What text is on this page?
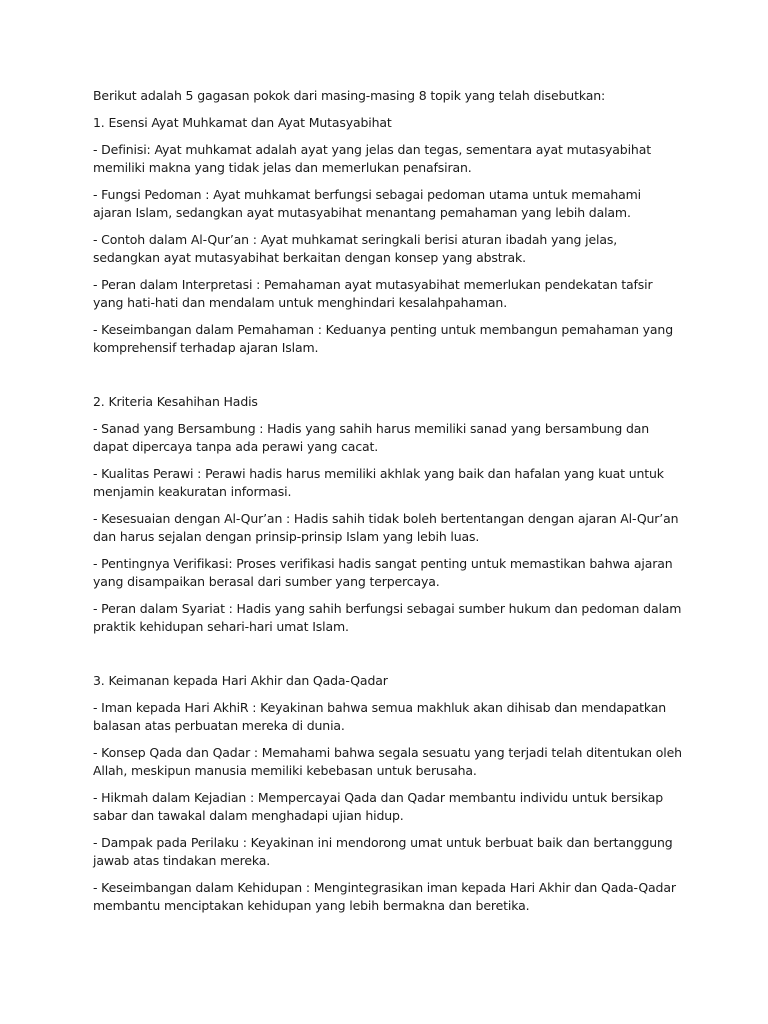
Berikut adalah 5 gagasan pokok dari masing-masing 8 topik yang telah disebutkan:

1. Esensi Ayat Muhkamat dan Ayat Mutasyabihat

- Definisi: Ayat muhkamat adalah ayat yang jelas dan tegas, sementara ayat mutasyabihat memiliki makna yang tidak jelas dan memerlukan penafsiran.

- Fungsi Pedoman : Ayat muhkamat berfungsi sebagai pedoman utama untuk memahami ajaran Islam, sedangkan ayat mutasyabihat menantang pemahaman yang lebih dalam.

- Contoh dalam Al-Qur’an : Ayat muhkamat seringkali berisi aturan ibadah yang jelas, sedangkan ayat mutasyabihat berkaitan dengan konsep yang abstrak.

- Peran dalam Interpretasi : Pemahaman ayat mutasyabihat memerlukan pendekatan tafsir yang hati-hati dan mendalam untuk menghindari kesalahpahaman.

- Keseimbangan dalam Pemahaman : Keduanya penting untuk membangun pemahaman yang komprehensif terhadap ajaran Islam.

2. Kriteria Kesahihan Hadis

- Sanad yang Bersambung : Hadis yang sahih harus memiliki sanad yang bersambung dan dapat dipercaya tanpa ada perawi yang cacat.

- Kualitas Perawi : Perawi hadis harus memiliki akhlak yang baik dan hafalan yang kuat untuk menjamin keakuratan informasi.

- Kesesuaian dengan Al-Qur’an : Hadis sahih tidak boleh bertentangan dengan ajaran Al-Qur’an dan harus sejalan dengan prinsip-prinsip Islam yang lebih luas.

- Pentingnya Verifikasi: Proses verifikasi hadis sangat penting untuk memastikan bahwa ajaran yang disampaikan berasal dari sumber yang terpercaya.

- Peran dalam Syariat : Hadis yang sahih berfungsi sebagai sumber hukum dan pedoman dalam praktik kehidupan sehari-hari umat Islam.

3. Keimanan kepada Hari Akhir dan Qada-Qadar

- Iman kepada Hari AkhiR : Keyakinan bahwa semua makhluk akan dihisab dan mendapatkan balasan atas perbuatan mereka di dunia.

- Konsep Qada dan Qadar : Memahami bahwa segala sesuatu yang terjadi telah ditentukan oleh Allah, meskipun manusia memiliki kebebasan untuk berusaha.

- Hikmah dalam Kejadian : Mempercayai Qada dan Qadar membantu individu untuk bersikap sabar dan tawakal dalam menghadapi ujian hidup.

- Dampak pada Perilaku : Keyakinan ini mendorong umat untuk berbuat baik dan bertanggung jawab atas tindakan mereka.

- Keseimbangan dalam Kehidupan : Mengintegrasikan iman kepada Hari Akhir dan Qada-Qadar membantu menciptakan kehidupan yang lebih bermakna dan beretika.
